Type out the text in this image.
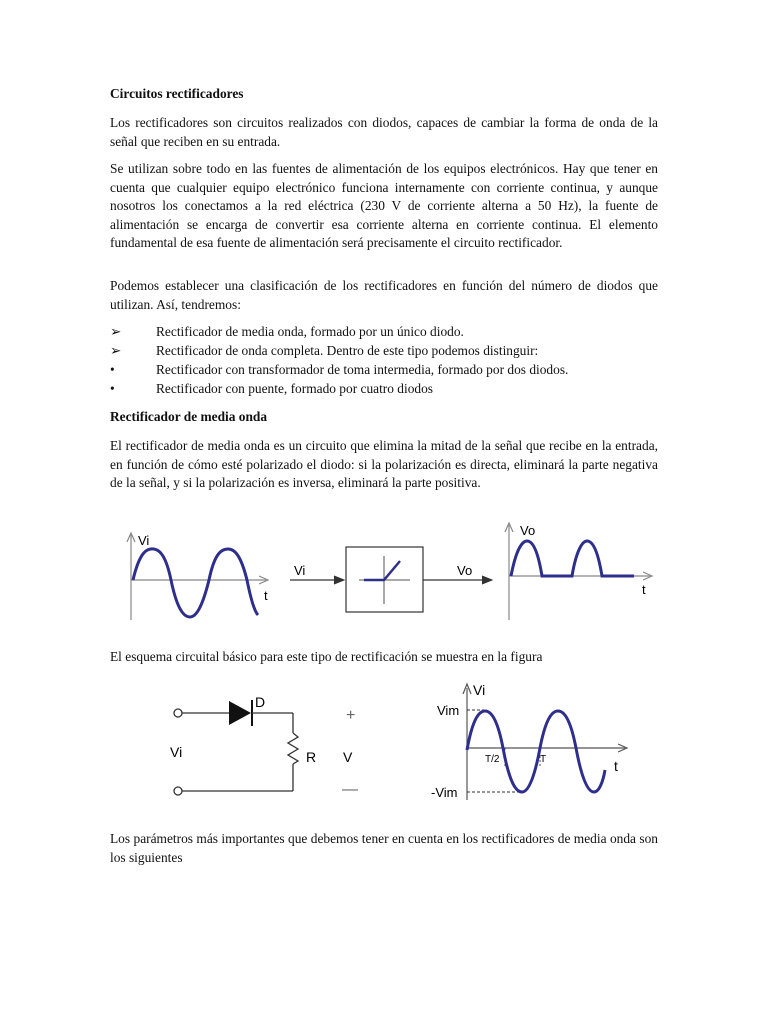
Circuitos rectificadores
Los rectificadores son circuitos realizados con diodos, capaces de cambiar la forma de onda de la señal que reciben en su entrada.
Se utilizan sobre todo en las fuentes de alimentación de los equipos electrónicos. Hay que tener en cuenta que cualquier equipo electrónico funciona internamente con corriente continua, y aunque nosotros los conectamos a la red eléctrica (230 V de corriente alterna a 50 Hz), la fuente de alimentación se encarga de convertir esa corriente alterna en corriente continua. El elemento fundamental de esa fuente de alimentación será precisamente el circuito rectificador.
Podemos establecer una clasificación de los rectificadores en función del número de diodos que utilizan. Así, tendremos:
➢	Rectificador de media onda, formado por un único diodo.
➢	Rectificador de onda completa. Dentro de este tipo podemos distinguir:
•	Rectificador con transformador de toma intermedia, formado por dos diodos.
•	Rectificador con puente, formado por cuatro diodos
Rectificador de media onda
El rectificador de media onda es un circuito que elimina la mitad de la señal que recibe en la entrada, en función de cómo esté polarizado el diodo: si la polarización es directa, eliminará la parte negativa de la señal, y si la polarización es inversa, eliminará la parte positiva.
Vi
t
Vi	Vo
Vo
t
El esquema circuital básico para este tipo de rectificación se muestra en la figura
D
Vi	R
+
V
—
Vi
Vim
-Vim
T/2	T	t
Los parámetros más importantes que debemos tener en cuenta en los rectificadores de media onda son los siguientes
